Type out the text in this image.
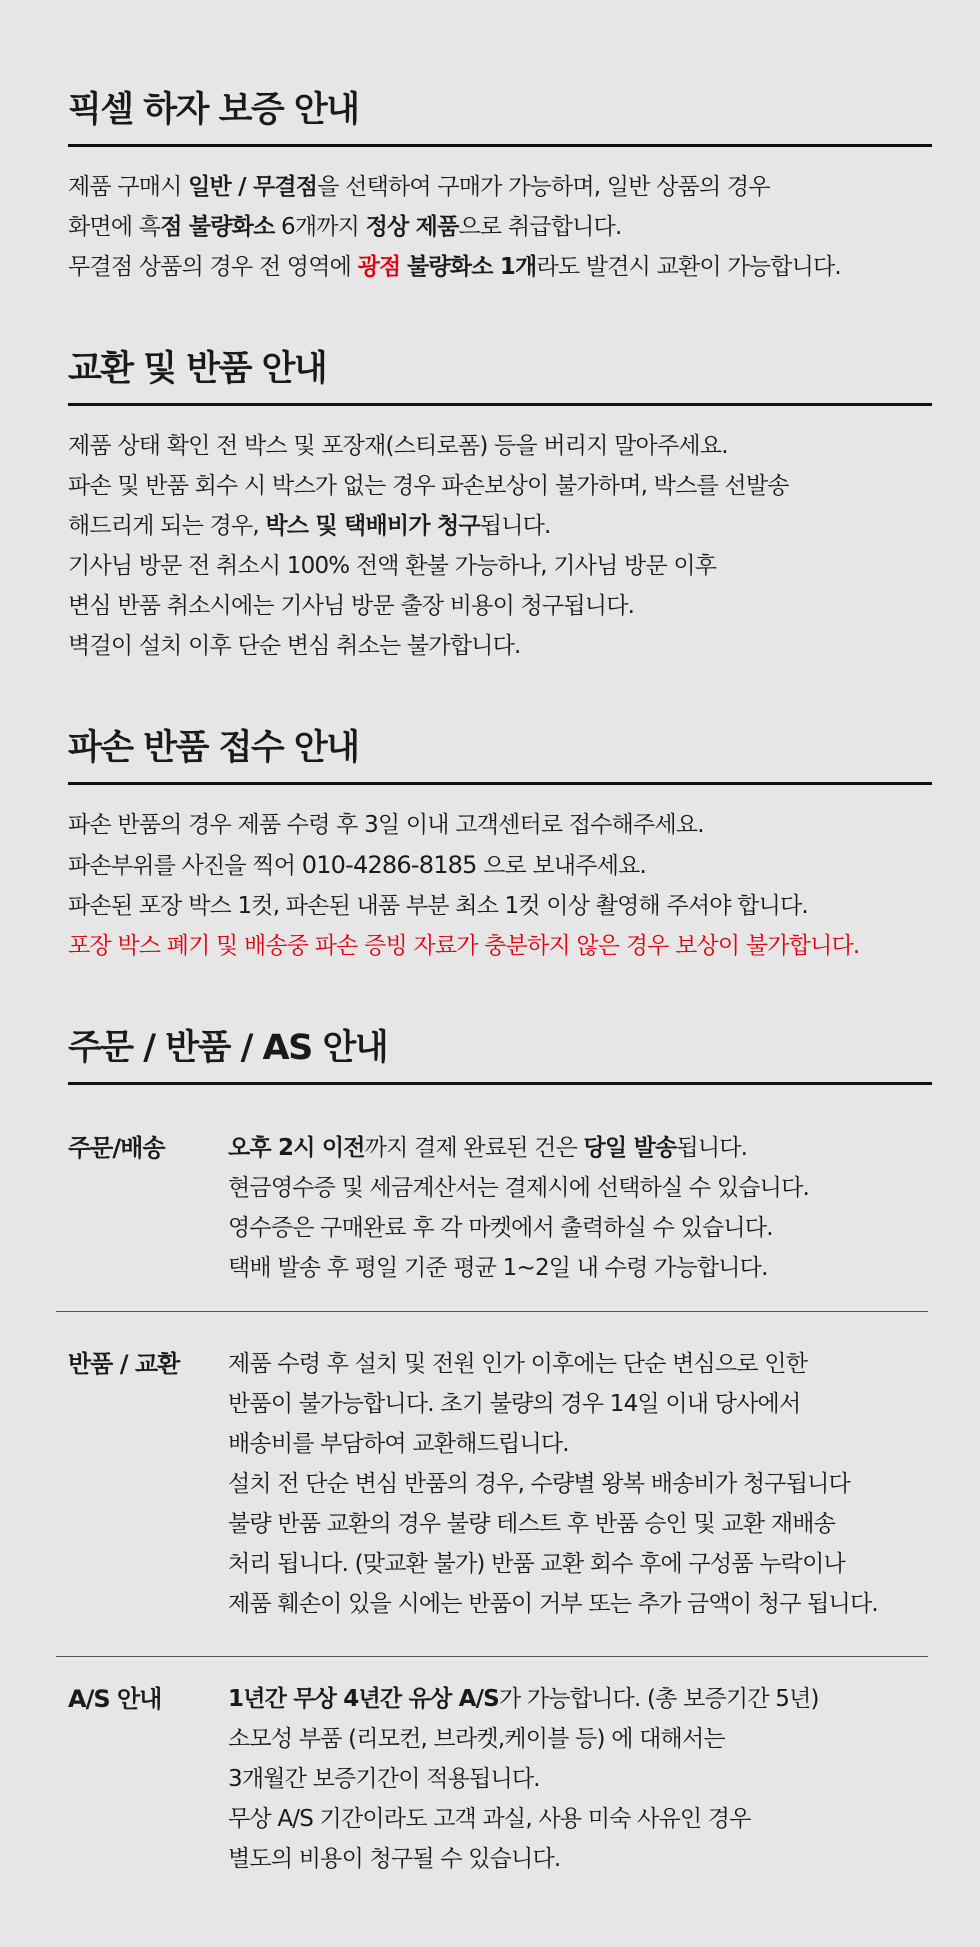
픽셀 하자 보증 안내

제품 구매시 일반 / 무결점을 선택하여 구매가 가능하며, 일반 상품의 경우

화면에 흑점 불량화소 6개까지 정상 제품으로 취급합니다.

무결점 상품의 경우 전 영역에 광점 불량화소 1개라도 발견시 교환이 가능합니다.

교환 및 반품 안내

제품 상태 확인 전 박스 및 포장재(스티로폼) 등을 버리지 말아주세요.

파손 및 반품 회수 시 박스가 없는 경우 파손보상이 불가하며, 박스를 선발송

해드리게 되는 경우, 박스 및 택배비가 청구됩니다.

기사님 방문 전 취소시 100% 전액 환불 가능하나, 기사님 방문 이후

변심 반품 취소시에는 기사님 방문 출장 비용이 청구됩니다.

벽걸이 설치 이후 단순 변심 취소는 불가합니다.

파손 반품 접수 안내

파손 반품의 경우 제품 수령 후 3일 이내 고객센터로 접수해주세요.

파손부위를 사진을 찍어 010-4286-8185 으로 보내주세요.

파손된 포장 박스 1컷, 파손된 내품 부분 최소 1컷 이상 촬영해 주셔야 합니다.

포장 박스 폐기 및 배송중 파손 증빙 자료가 충분하지 않은 경우 보상이 불가합니다.

주문 / 반품 / AS 안내
주문/배송	오후 2시 이전까지 결제 완료된 건은 당일 발송됩니다.

현금영수증 및 세금계산서는 결제시에 선택하실 수 있습니다.

영수증은 구매완료 후 각 마켓에서 출력하실 수 있습니다.

택배 발송 후 평일 기준 평균 1~2일 내 수령 가능합니다.

반품 / 교환 제품 수령 후 설치 및 전원 인가 이후에는 단순 변심으로 인한

반품이 불가능합니다. 초기 불량의 경우 14일 이내 당사에서

배송비를 부담하여 교환해드립니다.

설치 전 단순 변심 반품의 경우, 수량별 왕복 배송비가 청구됩니다

불량 반품 교환의 경우 불량 테스트 후 반품 승인 및 교환 재배송

처리 됩니다. (맞교환 불가) 반품 교환 회수 후에 구성품 누락이나

제품 훼손이 있을 시에는 반품이 거부 또는 추가 금액이 청구 됩니다.

A/S 안내	1년간 무상 4년간 유상 A/S가 가능합니다. (총 보증기간 5년)

소모성 부품 (리모컨, 브라켓,케이블 등) 에 대해서는

3개월간 보증기간이 적용됩니다.

무상 A/S 기간이라도 고객 과실, 사용 미숙 사유인 경우

별도의 비용이 청구될 수 있습니다.
